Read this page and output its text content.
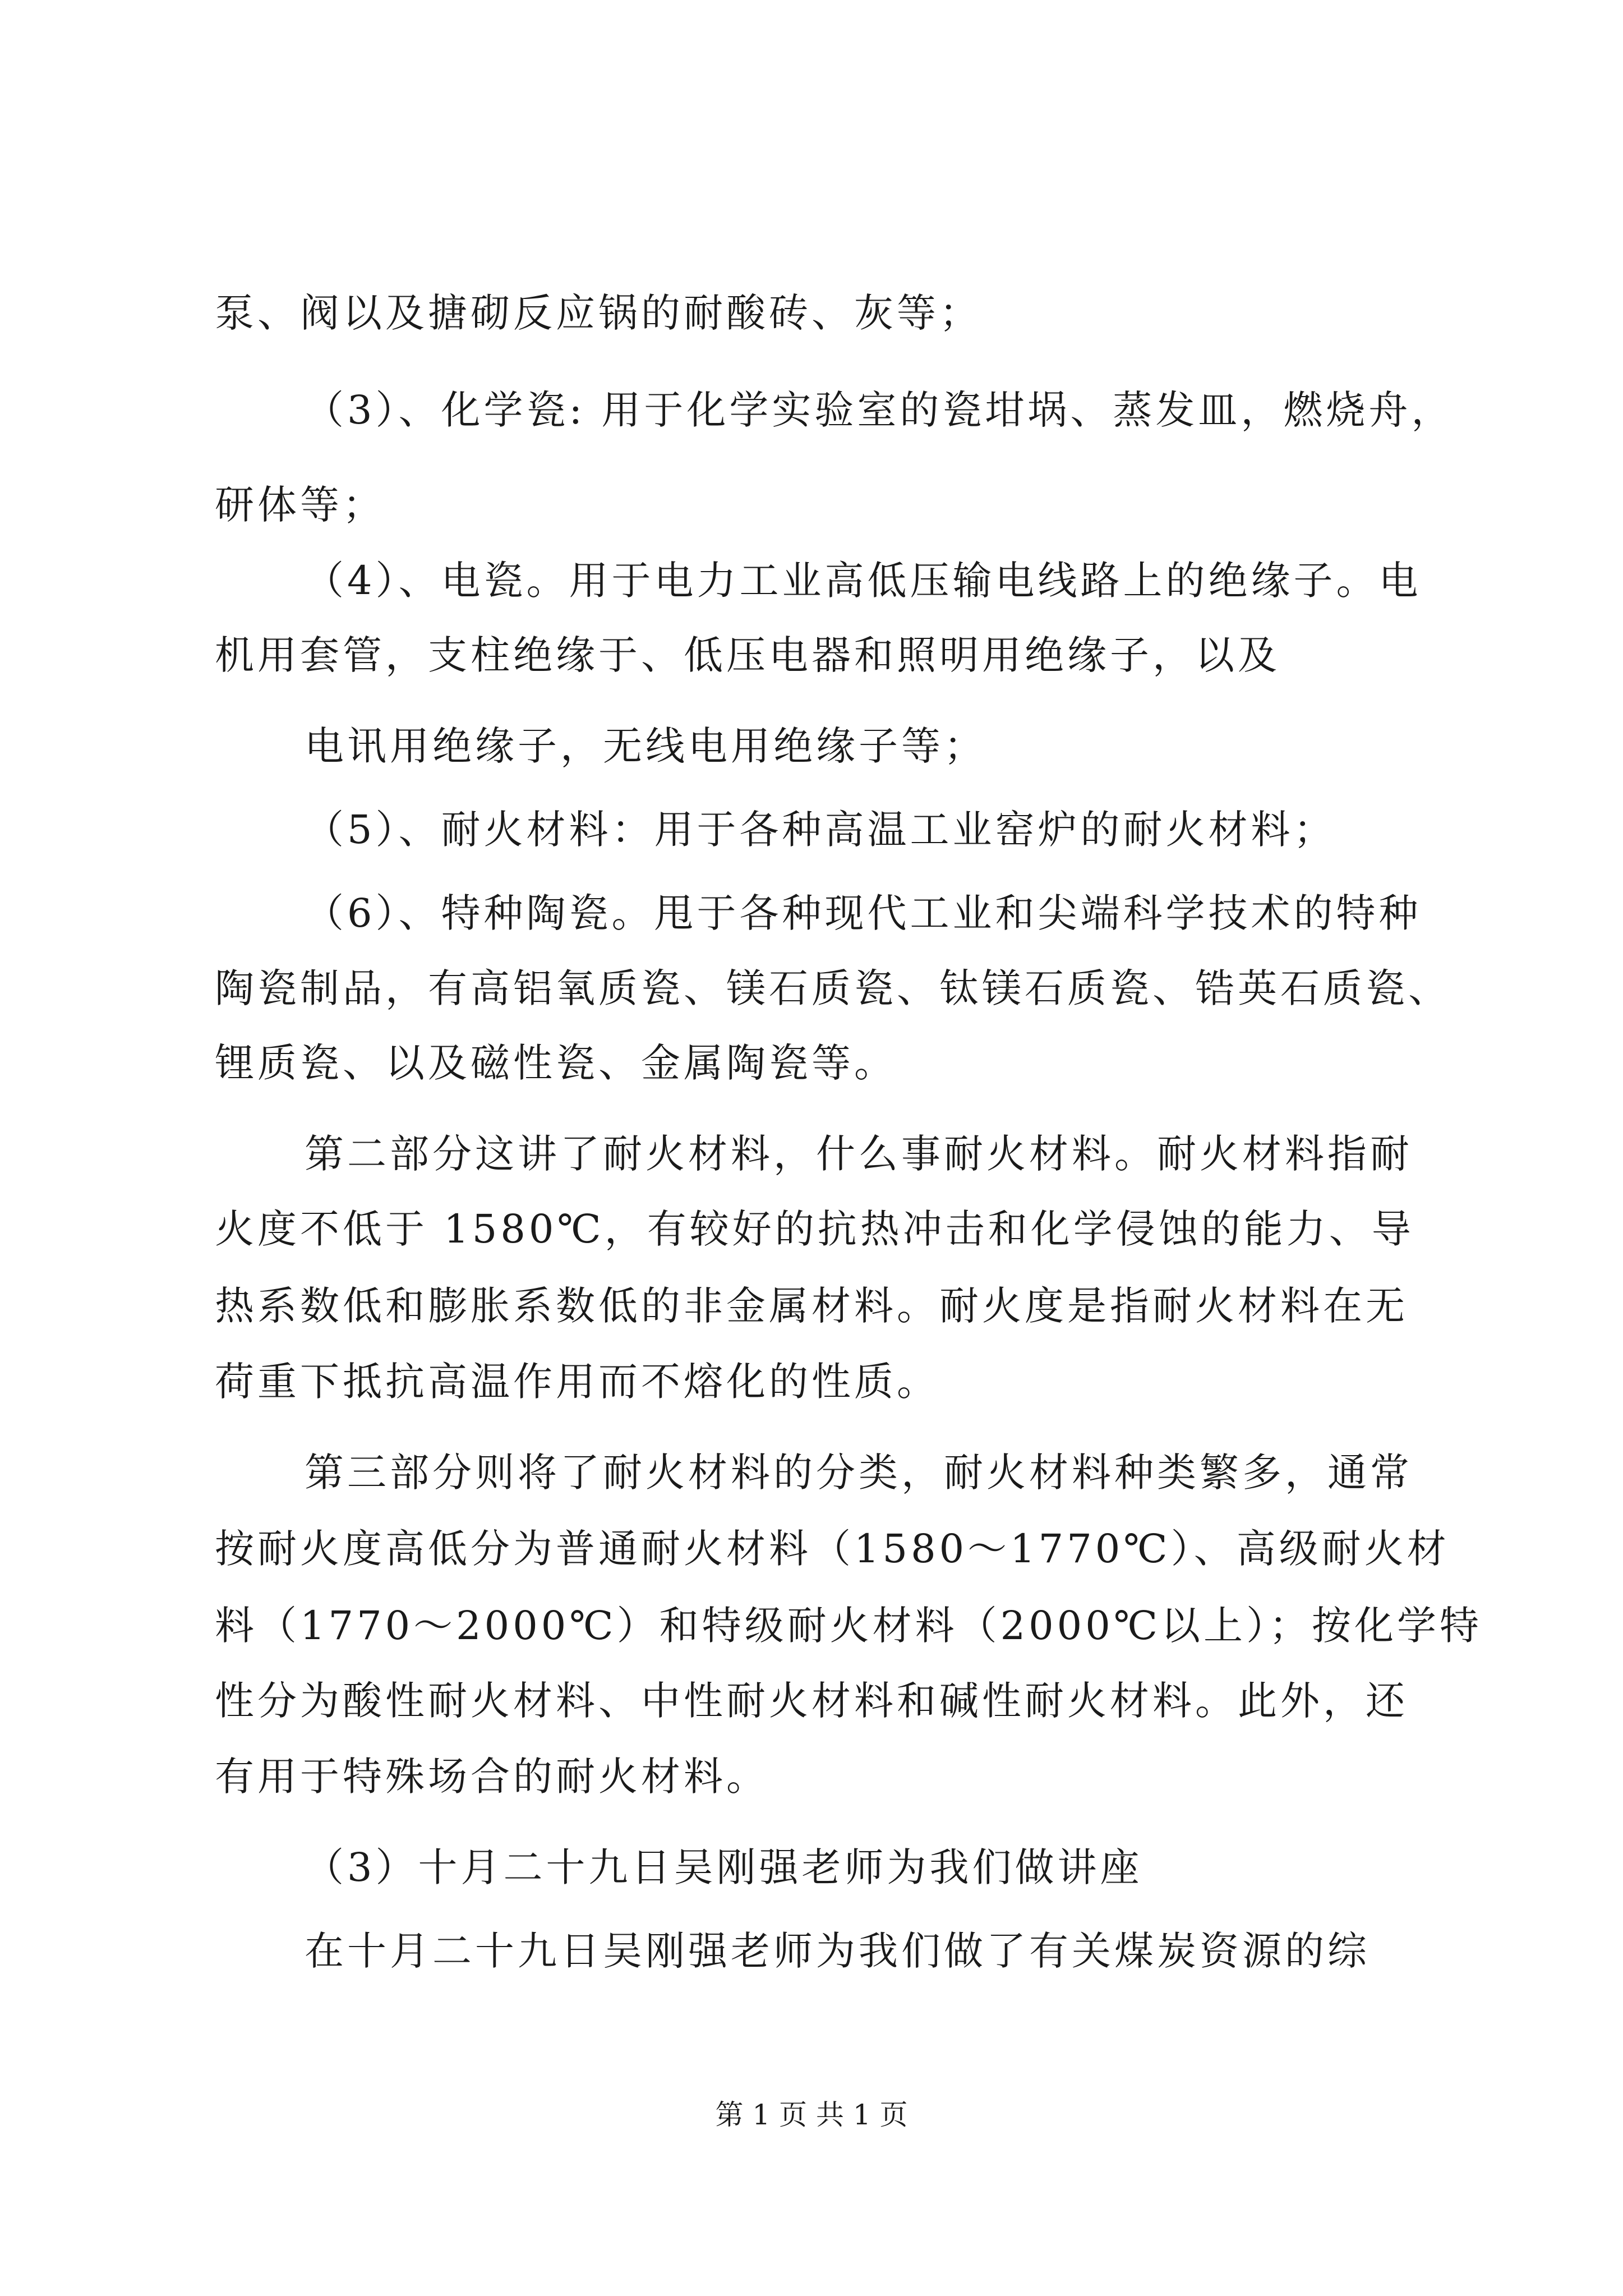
泵、阀以及搪砌反应锅的耐酸砖、灰等；
（3）、化学瓷: 用于化学实验室的瓷坩埚、蒸发皿，燃烧舟，
研体等；
（4）、电瓷。用于电力工业高低压输电线路上的绝缘子。电
机用套管，支柱绝缘于、低压电器和照明用绝缘子，以及
电讯用绝缘子，无线电用绝缘子等；
（5）、耐火材料：用于各种高温工业窑炉的耐火材料；
（6）、特种陶瓷。甩于各种现代工业和尖端科学技术的特种
陶瓷制品，有高铝氧质瓷、镁石质瓷、钛镁石质瓷、锆英石质瓷、
锂质瓷、以及磁性瓷、金属陶瓷等。
第二部分这讲了耐火材料，什么事耐火材料。耐火材料指耐
火度不低于 1580℃，有较好的抗热冲击和化学侵蚀的能力、导
热系数低和膨胀系数低的非金属材料。耐火度是指耐火材料在无
荷重下抵抗高温作用而不熔化的性质。
第三部分则将了耐火材料的分类，耐火材料种类繁多，通常
按耐火度高低分为普通耐火材料（1580～1770℃）、高级耐火材
料（1770～2000℃）和特级耐火材料（2000℃以上）；按化学特
性分为酸性耐火材料、中性耐火材料和碱性耐火材料。此外，还
有用于特殊场合的耐火材料。
（3）十月二十九日吴刚强老师为我们做讲座
在十月二十九日吴刚强老师为我们做了有关煤炭资源的综
第 1 页 共 1 页
